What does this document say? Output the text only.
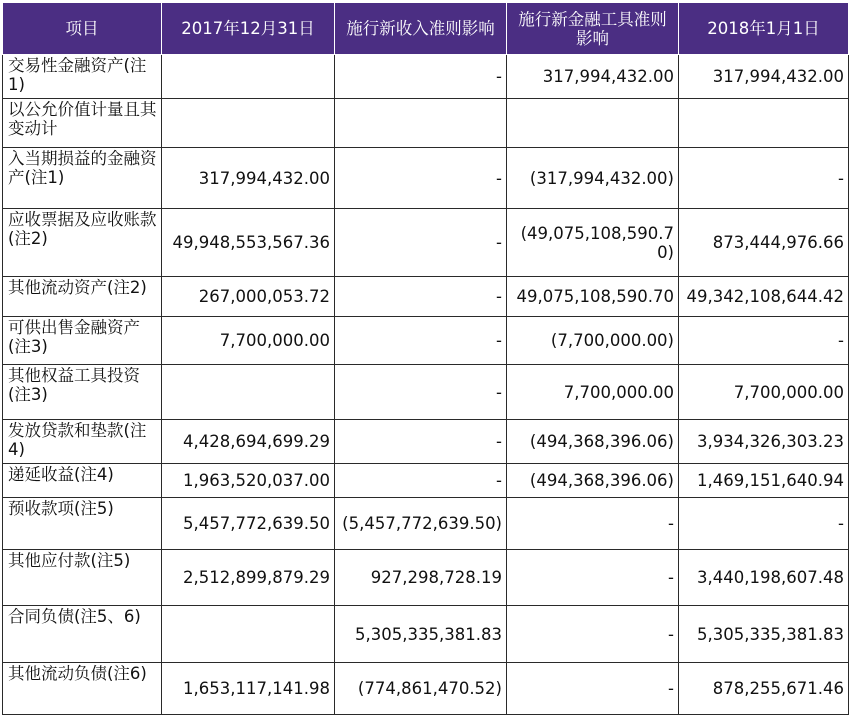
项目	2017年12月31日	施行新收入准则影响	施行新金融工具准则影响	2018年1月1日
交易性金融资产(注1)		-	317,994,432.00	317,994,432.00
以公允价值计量且其变动计				
入当期损益的金融资产(注1)	317,994,432.00	-	(317,994,432.00)	-
应收票据及应收账款(注2)	49,948,553,567.36	-	(49,075,108,590.70)	873,444,976.66
其他流动资产(注2)	267,000,053.72	-	49,075,108,590.70	49,342,108,644.42
可供出售金融资产(注3)	7,700,000.00	-	(7,700,000.00)	-
其他权益工具投资(注3)		-	7,700,000.00	7,700,000.00
发放贷款和垫款(注4)	4,428,694,699.29	-	(494,368,396.06)	3,934,326,303.23
递延收益(注4)	1,963,520,037.00	-	(494,368,396.06)	1,469,151,640.94
预收款项(注5)	5,457,772,639.50	(5,457,772,639.50)	-	-
其他应付款(注5)	2,512,899,879.29	927,298,728.19	-	3,440,198,607.48
合同负债(注5、6)		5,305,335,381.83	-	5,305,335,381.83
其他流动负债(注6)	1,653,117,141.98	(774,861,470.52)	-	878,255,671.46
